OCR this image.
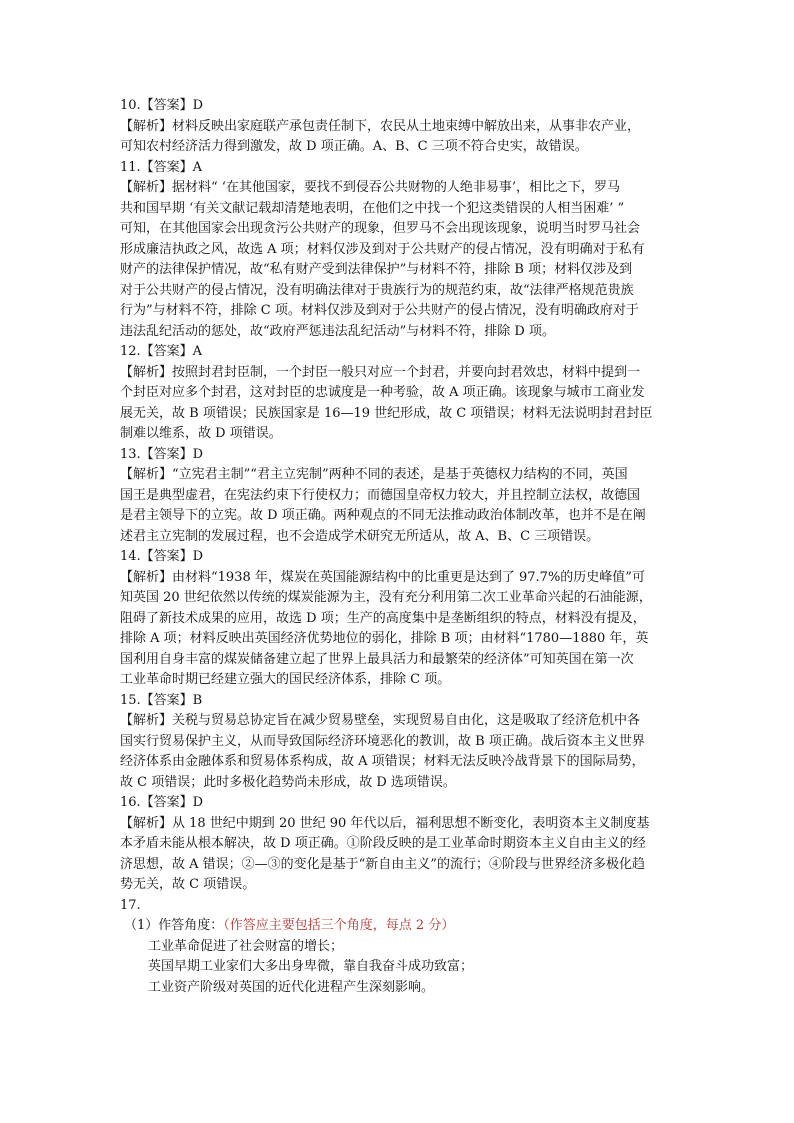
10.【答案】D

【解析】材料反映出家庭联产承包责任制下，农民从土地束缚中解放出来，从事非农产业，

可知农村经济活力得到激发，故 D 项正确。A、B、C 三项不符合史实，故错误。

11.【答案】A

【解析】据材料“ ‘在其他国家，要找不到侵吞公共财物的人绝非易事’，相比之下，罗马

共和国早期 ‘有关文献记载却清楚地表明，在他们之中找一个犯这类错误的人相当困难’ ”

可知，在其他国家会出现贪污公共财产的现象，但罗马不会出现该现象，说明当时罗马社会

形成廉洁执政之风，故选 A 项；材料仅涉及到对于公共财产的侵占情况，没有明确对于私有

财产的法律保护情况，故“私有财产受到法律保护”与材料不符，排除 B 项；材料仅涉及到

对于公共财产的侵占情况，没有明确法律对于贵族行为的规范约束，故“法律严格规范贵族

行为”与材料不符，排除 C 项。材料仅涉及到对于公共财产的侵占情况，没有明确政府对于

违法乱纪活动的惩处，故“政府严惩违法乱纪活动”与材料不符，排除 D 项。

12.【答案】A

【解析】按照封君封臣制，一个封臣一般只对应一个封君，并要向封君效忠，材料中提到一

个封臣对应多个封君，这对封臣的忠诚度是一种考验，故 A 项正确。该现象与城市工商业发

展无关，故 B 项错误；民族国家是 16—19 世纪形成，故 C 项错误；材料无法说明封君封臣

制难以维系，故 D 项错误。

13.【答案】D

【解析】“立宪君主制”“君主立宪制”两种不同的表述，是基于英德权力结构的不同，英国

国王是典型虚君，在宪法约束下行使权力；而德国皇帝权力较大，并且控制立法权，故德国

是君主领导下的立宪。故 D 项正确。两种观点的不同无法推动政治体制改革，也并不是在阐

述君主立宪制的发展过程，也不会造成学术研究无所适从，故 A、B、C 三项错误。

14.【答案】D

【解析】由材料“1938 年，煤炭在英国能源结构中的比重更是达到了 97.7%的历史峰值”可

知英国 20 世纪依然以传统的煤炭能源为主，没有充分利用第二次工业革命兴起的石油能源，

阻碍了新技术成果的应用，故选 D 项；生产的高度集中是垄断组织的特点，材料没有提及，

排除 A 项；材料反映出英国经济优势地位的弱化，排除 B 项；由材料“1780—1880 年，英

国利用自身丰富的煤炭储备建立起了世界上最具活力和最繁荣的经济体”可知英国在第一次

工业革命时期已经建立强大的国民经济体系，排除 C 项。

15.【答案】B

【解析】关税与贸易总协定旨在减少贸易壁垒，实现贸易自由化，这是吸取了经济危机中各

国实行贸易保护主义，从而导致国际经济环境恶化的教训，故 B 项正确。战后资本主义世界

经济体系由金融体系和贸易体系构成，故 A 项错误；材料无法反映冷战背景下的国际局势，

故 C 项错误；此时多极化趋势尚未形成，故 D 选项错误。

16.【答案】D

【解析】从 18 世纪中期到 20 世纪 90 年代以后，福利思想不断变化，表明资本主义制度基

本矛盾未能从根本解决，故 D 项正确。①阶段反映的是工业革命时期资本主义自由主义的经

济思想，故 A 错误；②—③的变化是基于“新自由主义”的流行；④阶段与世界经济多极化趋

势无关，故 C 项错误。

17.

（1）作答角度：（作答应主要包括三个角度，每点 2 分）

工业革命促进了社会财富的增长；

英国早期工业家们大多出身卑微，靠自我奋斗成功致富；

工业资产阶级对英国的近代化进程产生深刻影响。
